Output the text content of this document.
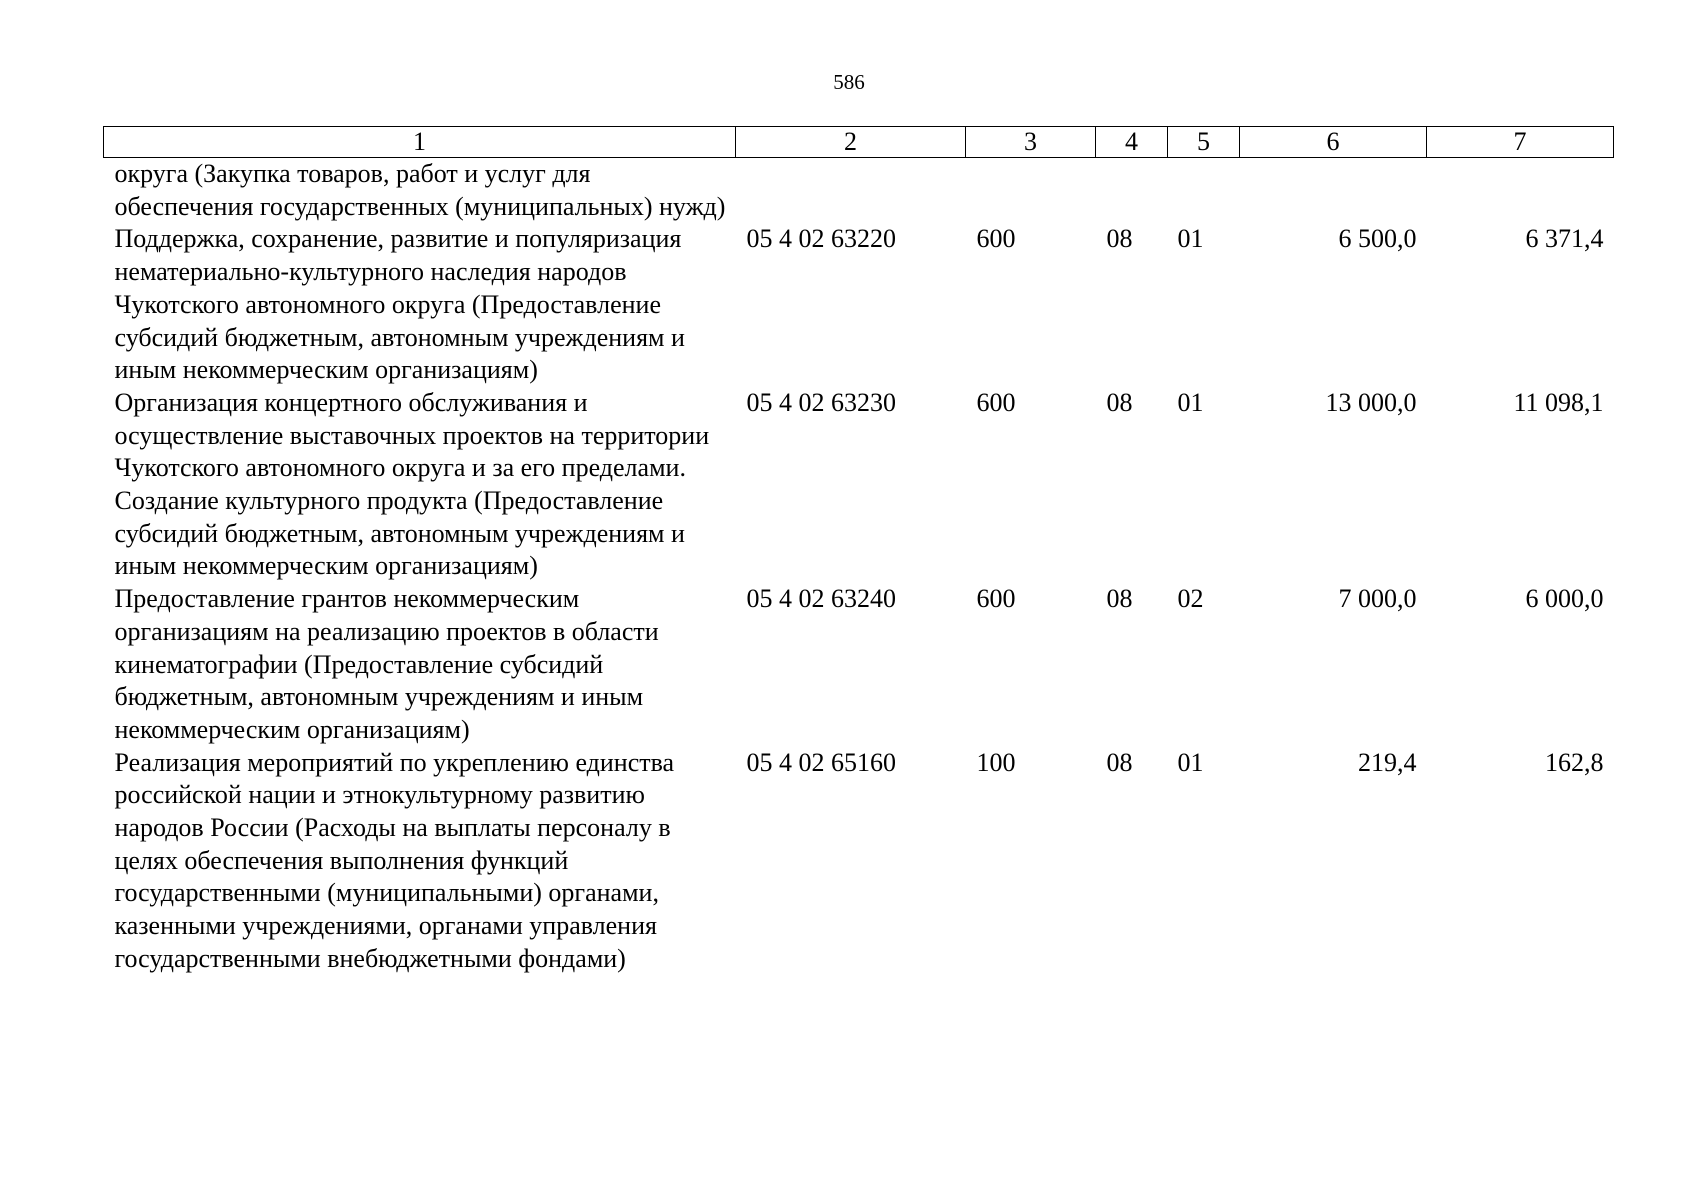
586
1	2	3	4	5	6	7
округа (Закупка товаров, работ и услуг для обеспечения государственных (муниципальных) нужд)						
Поддержка, сохранение, развитие и популяризация нематериально-культурного наследия народов Чукотского автономного округа (Предоставление субсидий бюджетным, автономным учреждениям и иным некоммерческим организациям)	05 4 02 63220	600	08	01	6 500,0	6 371,4
Организация концертного обслуживания и осуществление выставочных проектов на территории Чукотского автономного округа и за его пределами. Создание культурного продукта (Предоставление субсидий бюджетным, автономным учреждениям и иным некоммерческим организациям)	05 4 02 63230	600	08	01	13 000,0	11 098,1
Предоставление грантов некоммерческим организациям на реализацию проектов в области кинематографии (Предоставление субсидий бюджетным, автономным учреждениям и иным некоммерческим организациям)	05 4 02 63240	600	08	02	7 000,0	6 000,0
Реализация мероприятий по укреплению единства российской нации и этнокультурному развитию народов России (Расходы на выплаты персоналу в целях обеспечения выполнения функций государственными (муниципальными) органами, казенными учреждениями, органами управления государственными внебюджетными фондами)	05 4 02 65160	100	08	01	219,4	162,8
